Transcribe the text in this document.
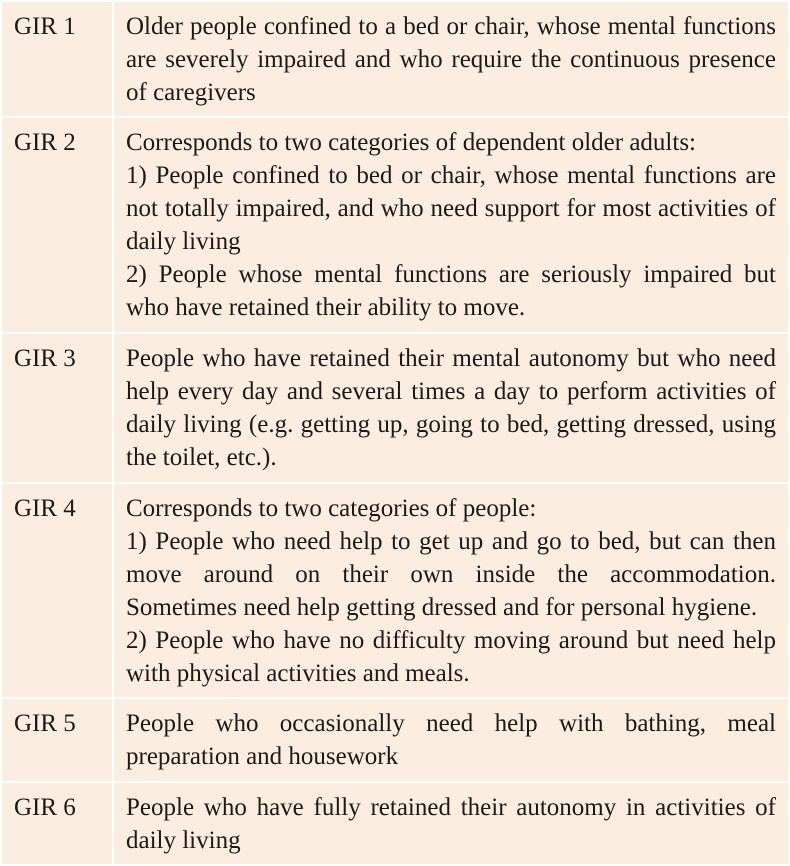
GIR 1	Older people confined to a bed or chair, whose mental functions are severely impaired and who require the continuous presence of caregivers

GIR 2	Corresponds to two categories of dependent older adults:
1) People confined to bed or chair, whose mental functions are not totally impaired, and who need support for most activities of daily living
2) People whose mental functions are seriously impaired but who have retained their ability to move.

GIR 3	People who have retained their mental autonomy but who need help every day and several times a day to perform activities of daily living (e.g. getting up, going to bed, getting dressed, using the toilet, etc.).

GIR 4	Corresponds to two categories of people:
1) People who need help to get up and go to bed, but can then move around on their own inside the accommodation. Sometimes need help getting dressed and for personal hygiene.
2) People who have no difficulty moving around but need help with physical activities and meals.

GIR 5	People who occasionally need help with bathing, meal preparation and housework

GIR 6	People who have fully retained their autonomy in activities of daily living
